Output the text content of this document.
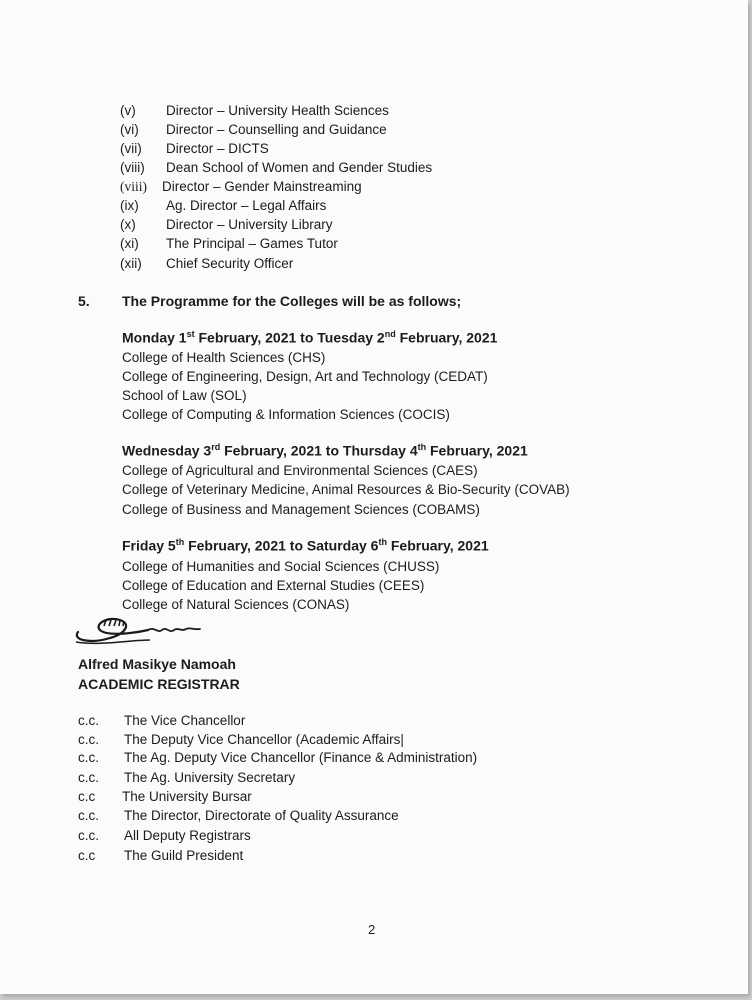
(v) Director – University Health Sciences
(vi) Director – Counselling and Guidance
(vii) Director – DICTS
(viii) Dean School of Women and Gender Studies
(viii) Director – Gender Mainstreaming
(ix) Ag. Director – Legal Affairs
(x) Director – University Library
(xi) The Principal – Games Tutor
(xii) Chief Security Officer
5. The Programme for the Colleges will be as follows;
Monday 1st February, 2021 to Tuesday 2nd February, 2021
College of Health Sciences (CHS)
College of Engineering, Design, Art and Technology (CEDAT)
School of Law (SOL)
College of Computing & Information Sciences (COCIS)
Wednesday 3rd February, 2021 to Thursday 4th February, 2021
College of Agricultural and Environmental Sciences (CAES)
College of Veterinary Medicine, Animal Resources & Bio-Security (COVAB)
College of Business and Management Sciences (COBAMS)
Friday 5th February, 2021 to Saturday 6th February, 2021
College of Humanities and Social Sciences (CHUSS)
College of Education and External Studies (CEES)
College of Natural Sciences (CONAS)
Alfred Masikye Namoah
ACADEMIC REGISTRAR
c.c. The Vice Chancellor
c.c. The Deputy Vice Chancellor (Academic Affairs|
c.c. The Ag. Deputy Vice Chancellor (Finance & Administration)
c.c. The Ag. University Secretary
c.c The University Bursar
c.c. The Director, Directorate of Quality Assurance
c.c. All Deputy Registrars
c.c The Guild President
2
